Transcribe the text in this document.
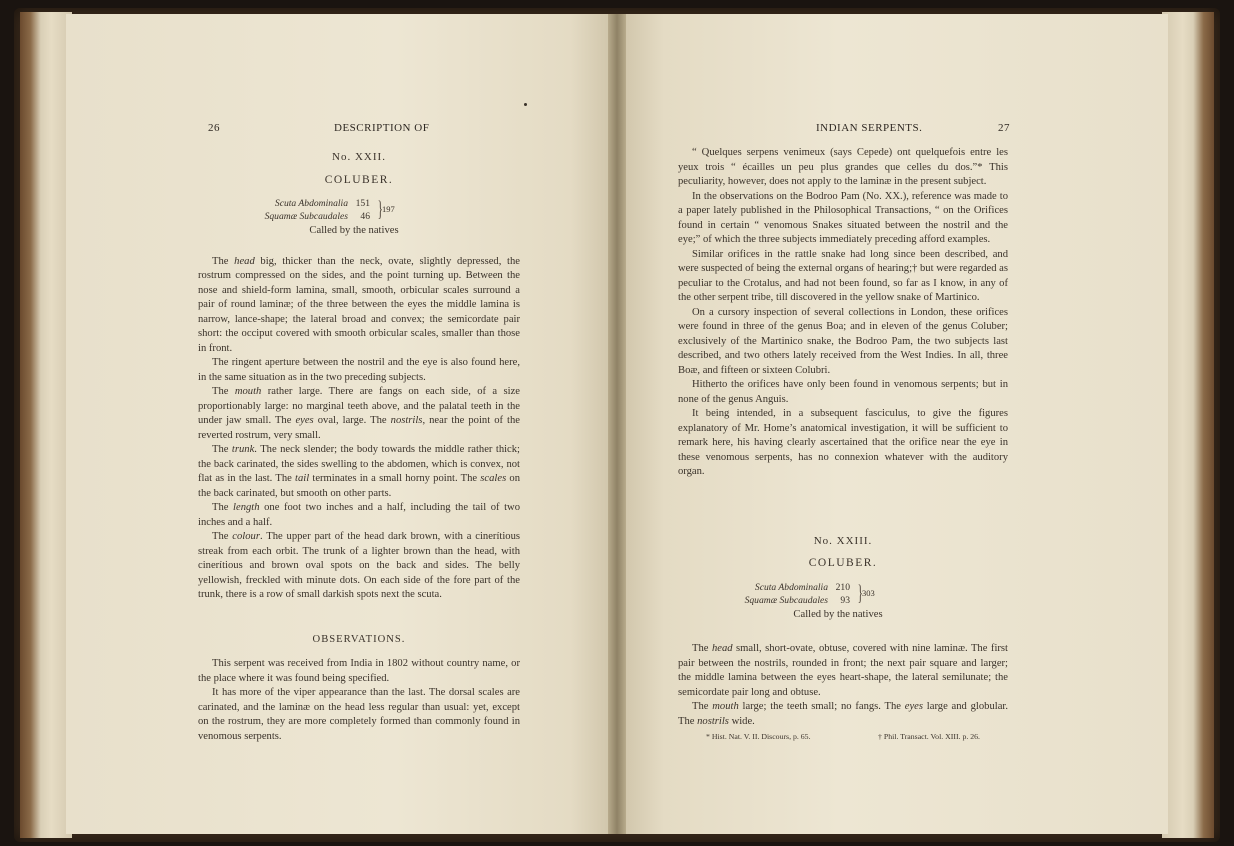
26	DESCRIPTION OF
No. XXII.
COLUBER.
Scuta Abdominalia 151
Squamæ Subcaudales 46 } 197
Called by the natives

The head big, thicker than the neck, ovate, slightly depressed, the rostrum compressed on the sides, and the point turning up. Between the nose and shield-form lamina, small, smooth, orbicular scales surround a pair of round laminæ; of the three between the eyes the middle lamina is narrow, lance-shape; the lateral broad and convex; the semicordate pair short: the occiput covered with smooth orbicular scales, smaller than those in front.

The ringent aperture between the nostril and the eye is also found here, in the same situation as in the two preceding subjects.

The mouth rather large. There are fangs on each side, of a size proportionably large: no marginal teeth above, and the palatal teeth in the under jaw small. The eyes oval, large. The nostrils, near the point of the reverted rostrum, very small.

The trunk. The neck slender; the body towards the middle rather thick; the back carinated, the sides swelling to the abdomen, which is convex, not flat as in the last. The tail terminates in a small horny point. The scales on the back carinated, but smooth on other parts.

The length one foot two inches and a half, including the tail of two inches and a half.

The colour. The upper part of the head dark brown, with a cinerítious streak from each orbit. The trunk of a lighter brown than the head, with cinerítious and brown oval spots on the back and sides. The belly yellowish, freckled with minute dots. On each side of the fore part of the trunk, there is a row of small darkish spots next the scuta.

OBSERVATIONS.

This serpent was received from India in 1802 without country name, or the place where it was found being specified.

It has more of the viper appearance than the last. The dorsal scales are carinated, and the laminæ on the head less regular than usual: yet, except on the rostrum, they are more completely formed than commonly found in venomous serpents.

INDIAN SERPENTS.	27

“ Quelques serpens venimeux (says Cepede) ont quelquefois entre les yeux trois “ écailles un peu plus grandes que celles du dos.”* This peculiarity, however, does not apply to the laminæ in the present subject.

In the observations on the Bodroo Pam (No. XX.), reference was made to a paper lately published in the Philosophical Transactions, “ on the Orifices found in certain “ venomous Snakes situated between the nostril and the eye;” of which the three subjects immediately preceding afford examples.

Similar orifices in the rattle snake had long since been described, and were suspected of being the external organs of hearing;† but were regarded as peculiar to the Crotalus, and had not been found, so far as I know, in any of the other serpent tribe, till discovered in the yellow snake of Martinico.

On a cursory inspection of several collections in London, these orifices were found in three of the genus Boa; and in eleven of the genus Coluber; exclusively of the Martinico snake, the Bodroo Pam, the two subjects last described, and two others lately received from the West Indies. In all, three Boæ, and fifteen or sixteen Colubri.

Hitherto the orifices have only been found in venomous serpents; but in none of the genus Anguis.

It being intended, in a subsequent fasciculus, to give the figures explanatory of Mr. Home’s anatomical investigation, it will be sufficient to remark here, his having clearly ascertained that the orifice near the eye in these venomous serpents, has no connexion whatever with the auditory organ.

No. XXIII.
COLUBER.
Scuta Abdominalia 210
Squamæ Subcaudales 93 } 303
Called by the natives

The head small, short-ovate, obtuse, covered with nine laminæ. The first pair between the nostrils, rounded in front; the next pair square and larger; the middle lamina between the eyes heart-shape, the lateral semilunate; the semicordate pair long and obtuse.

The mouth large; the teeth small; no fangs. The eyes large and globular. The nostrils wide.

* Hist. Nat. V. II. Discours, p. 65.	† Phil. Transact. Vol. XIII. p. 26.
